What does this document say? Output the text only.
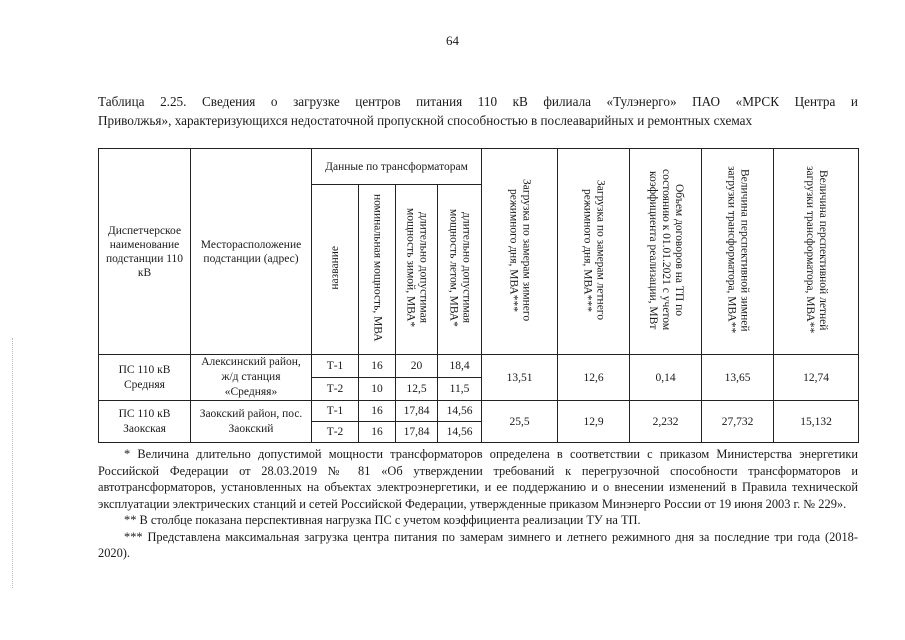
64
Таблица 2.25. Сведения о загрузке центров питания 110 кВ филиала «Тулэнерго» ПАО «МРСК Центра и
Приволжья», характеризующихся недостаточной пропускной способностью в послеаварийных и ремонтных схемах
Диспетчерское наименование подстанции 110 кВ	Месторасположение подстанции (адрес)	Данные по трансформаторам				Загрузка по замерам зимнего режимного дня, МВА***	Загрузка по замерам летнего режимного дня, МВА***	Объем договоров на ТП по состоянию к 01.01.2021 с учетом коэффициента реализации, МВт	Величина перспективной зимней загрузки трансформатора, МВА**	Величина перспективной летней загрузки трансформатора, МВА**
		название	номинальная мощность, МВА	длительно допустимая мощность зимой, МВА*	длительно допустимая мощность летом, МВА*					
ПС 110 кВ Средняя	Алексинский район, ж/д станция «Средняя»	Т-1	16	20	18,4	13,51	12,6	0,14	13,65	12,74
		Т-2	10	12,5	11,5					
ПС 110 кВ Заокская	Заокский район, пос. Заокский	Т-1	16	17,84	14,56	25,5	12,9	2,232	27,732	15,132
		Т-2	16	17,84	14,56					

* Величина длительно допустимой мощности трансформаторов определена в соответствии с приказом Министерства энергетики Российской Федерации от 28.03.2019 № 81 «Об утверждении требований к перегрузочной способности трансформаторов и автотрансформаторов, установленных на объектах электроэнергетики, и ее поддержанию и о внесении изменений в Правила технической эксплуатации электрических станций и сетей Российской Федерации, утвержденные приказом Минэнерго России от 19 июня 2003 г. № 229».

** В столбце показана перспективная нагрузка ПС с учетом коэффициента реализации ТУ на ТП.

*** Представлена максимальная загрузка центра питания по замерам зимнего и летнего режимного дня за последние три года (2018-2020).
